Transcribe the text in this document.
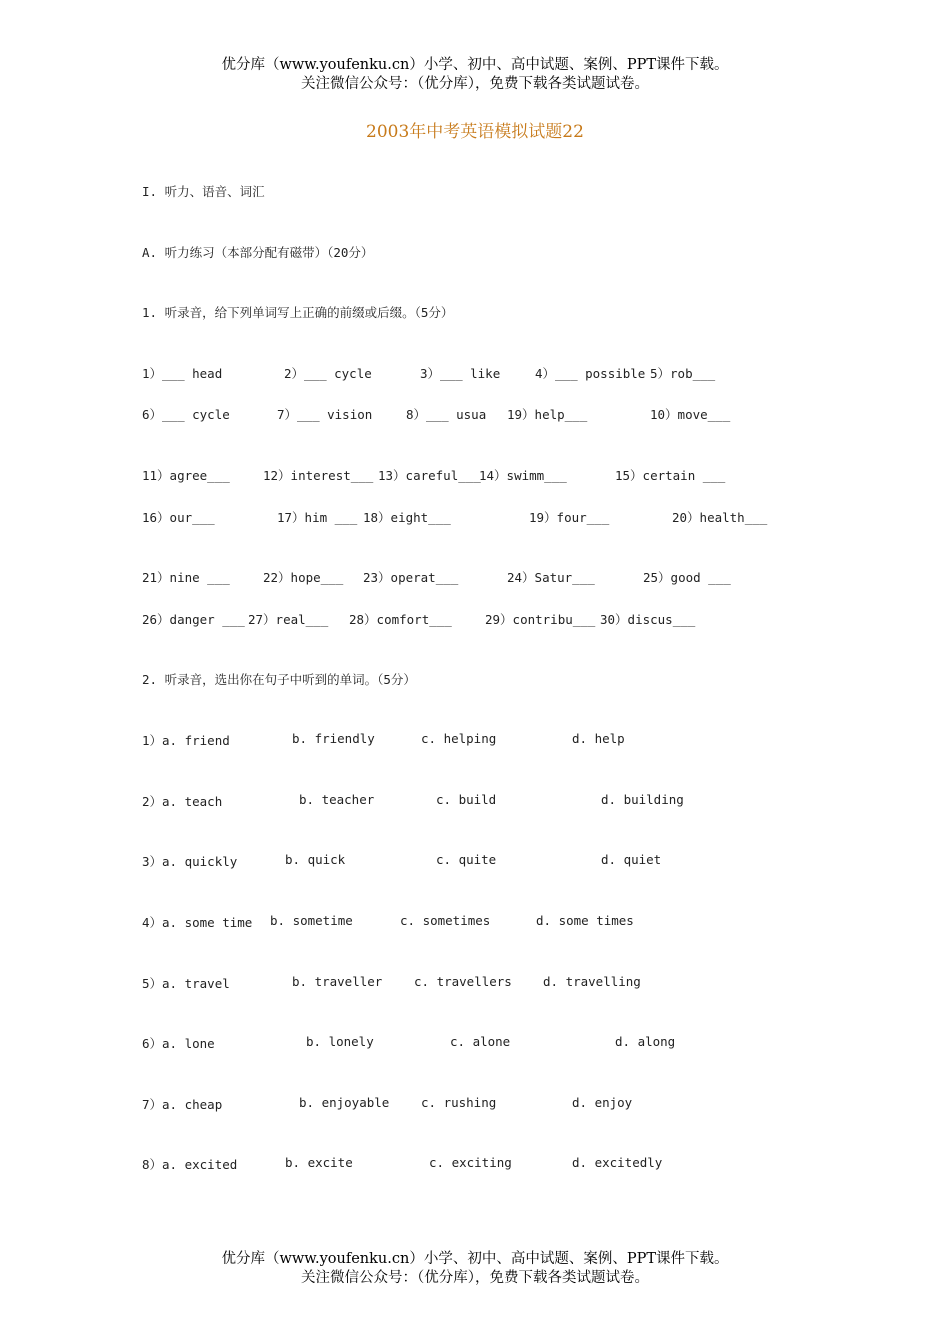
优分库（www.youfenku.cn）小学、初中、高中试题、案例、PPT课件下载。
关注微信公众号：（优分库），免费下载各类试题试卷。
2003年中考英语模拟试题22
I. 听力、语音、词汇
A. 听力练习（本部分配有磁带）（20分）
1. 听录音，给下列单词写上正确的前缀或后缀。（5分）
1）___ head	2）___ cycle	3）___ like	4）___ possible 5）rob___
6）___ cycle	7）___ vision	8）___ usua 19）help___	10）move___
11）agree___	12）interest___ 13）careful___
14）swimm___	15）certain ___
16）our___	17）him ___ 18）eight___	19）four___	20）health___
21）nine ___	22）hope___ 23）operat___	24）Satur___	25）good ___
26）danger ___ 27）real___ 28）comfort___	29）contribu___ 30）discus___
2. 听录音，选出你在句子中听到的单词。（5分）
1）a. friend	b. friendly	c. helping	d. help
2）a. teach	b. teacher	c. build	d. building
3）a. quickly	b. quick	c. quite	d. quiet
4）a. some time b. sometime	c. sometimes	d. some times
5）a. travel	b. traveller	c. travellers d. travelling
6）a. lone	b. lonely	c. alone	d. along
7）a. cheap	b. enjoyable	c. rushing	d. enjoy
8）a. excited	b. excite	c. exciting	d. excitedly
优分库（www.youfenku.cn）小学、初中、高中试题、案例、PPT课件下载。
关注微信公众号：（优分库），免费下载各类试题试卷。
